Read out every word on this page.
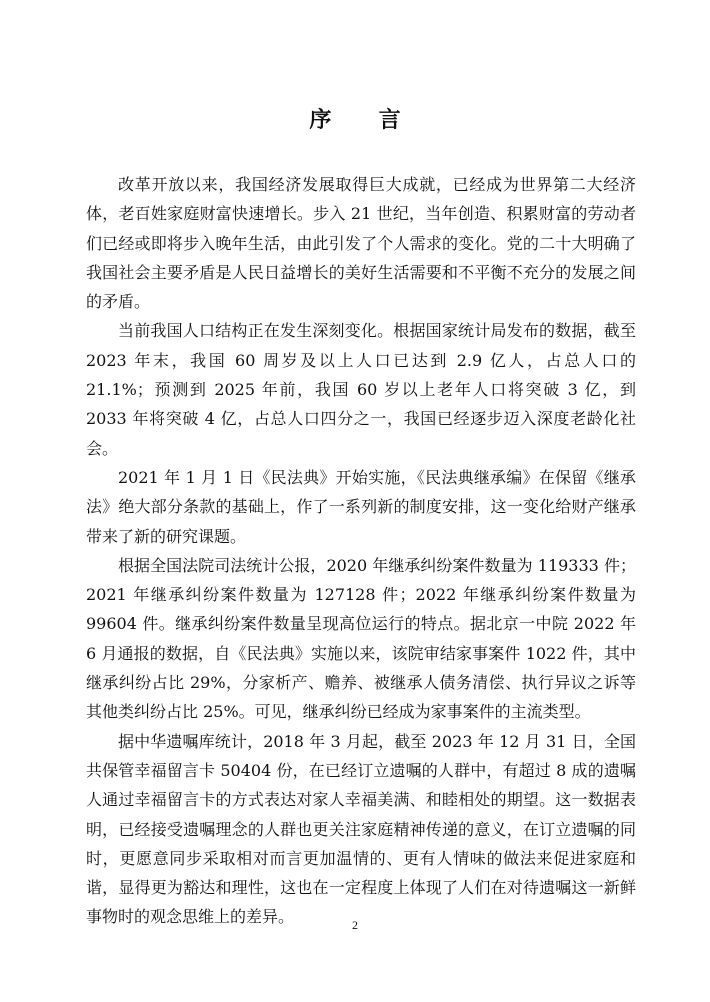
序 言

改革开放以来，我国经济发展取得巨大成就，已经成为世界第二大经济体，老百姓家庭财富快速增长。步入 21 世纪，当年创造、积累财富的劳动者们已经或即将步入晚年生活，由此引发了个人需求的变化。党的二十大明确了我国社会主要矛盾是人民日益增长的美好生活需要和不平衡不充分的发展之间的矛盾。

当前我国人口结构正在发生深刻变化。根据国家统计局发布的数据，截至 2023 年末，我国 60 周岁及以上人口已达到 2.9 亿人，占总人口的 21.1%；预测到 2025 年前，我国 60 岁以上老年人口将突破 3 亿，到 2033 年将突破 4 亿，占总人口四分之一，我国已经逐步迈入深度老龄化社会。

2021 年 1 月 1 日《民法典》开始实施，《民法典继承编》在保留《继承法》绝大部分条款的基础上，作了一系列新的制度安排，这一变化给财产继承带来了新的研究课题。

根据全国法院司法统计公报，2020 年继承纠纷案件数量为 119333 件；2021 年继承纠纷案件数量为 127128 件；2022 年继承纠纷案件数量为 99604 件。继承纠纷案件数量呈现高位运行的特点。据北京一中院 2022 年 6 月通报的数据，自《民法典》实施以来，该院审结家事案件 1022 件，其中继承纠纷占比 29%，分家析产、赡养、被继承人债务清偿、执行异议之诉等其他类纠纷占比 25%。可见，继承纠纷已经成为家事案件的主流类型。

据中华遗嘱库统计，2018 年 3 月起，截至 2023 年 12 月 31 日，全国共保管幸福留言卡 50404 份，在已经订立遗嘱的人群中，有超过 8 成的遗嘱人通过幸福留言卡的方式表达对家人幸福美满、和睦相处的期望。这一数据表明，已经接受遗嘱理念的人群也更关注家庭精神传递的意义，在订立遗嘱的同时，更愿意同步采取相对而言更加温情的、更有人情味的做法来促进家庭和谐，显得更为豁达和理性，这也在一定程度上体现了人们在对待遗嘱这一新鲜事物时的观念思维上的差异。	2
